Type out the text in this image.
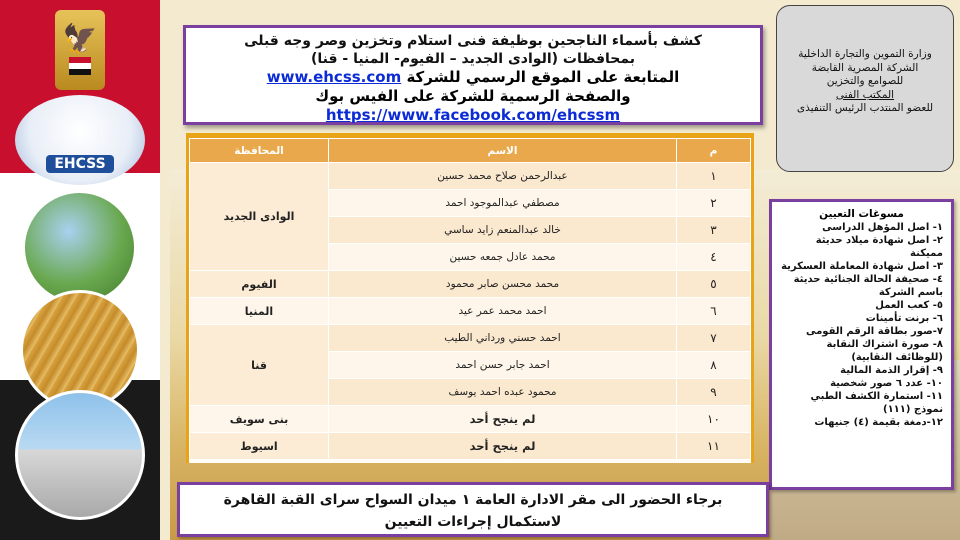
🦅
EHCSS
كشف بأسماء الناجحين بوظيفة فنى استلام وتخزين وصر وجه قبلى
بمحافظات (الوادى الجديد – الفيوم- المنيا - قنا)
المتابعة على الموقع الرسمي للشركة www.ehcss.com
والصفحة الرسمية للشركة على الفيس بوك https://www.facebook.com/ehcssm
وزارة التموين والتجارة الداخلية
الشركة المصرية القابضة
للصوامع والتخزين
المكتب الفنى
للعضو المنتدب الرئيس التنفيذى
م	الاسم	المحافظة
١	عبدالرحمن صلاح محمد حسين	الوادى الجديد
٢	مصطفي عبدالموجود احمد	
٣	خالد عبدالمنعم زايد ساسي	
٤	محمد عادل جمعه حسين	
٥	محمد محسن صابر محمود	الفيوم
٦	احمد محمد عمر عيد	المنيا
٧	احمد حسني ورداني الطيب	قنا
٨	احمد جابر حسن احمد	
٩	محمود عبده احمد يوسف	
١٠	لم ينجح أحد	بنى سويف
١١	لم ينجح أحد	اسيوط
مسوغات التعيين
١- اصل المؤهل الدراسى
٢- اصل شهادة ميلاد حديثة مميكنة
٣- اصل شهادة المعاملة العسكرية
٤- صحيفة الحالة الجنائية حديثة باسم الشركة
٥- كعب العمل
٦- برنت تأمينات
٧-صور بطاقة الرقم القومى
٨- صورة اشتراك النقابة (للوظائف النقابية)
٩- إقرار الذمة المالية
١٠- عدد ٦ صور شخصية
١١- استمارة الكشف الطبي نموذج (١١١)
١٢-دمغة بقيمة (٤) جنيهات
برجاء الحضور الى مقر الادارة العامة ١ ميدان السواح سراى القبة القاهرة
لاستكمال إجراءات التعيين
